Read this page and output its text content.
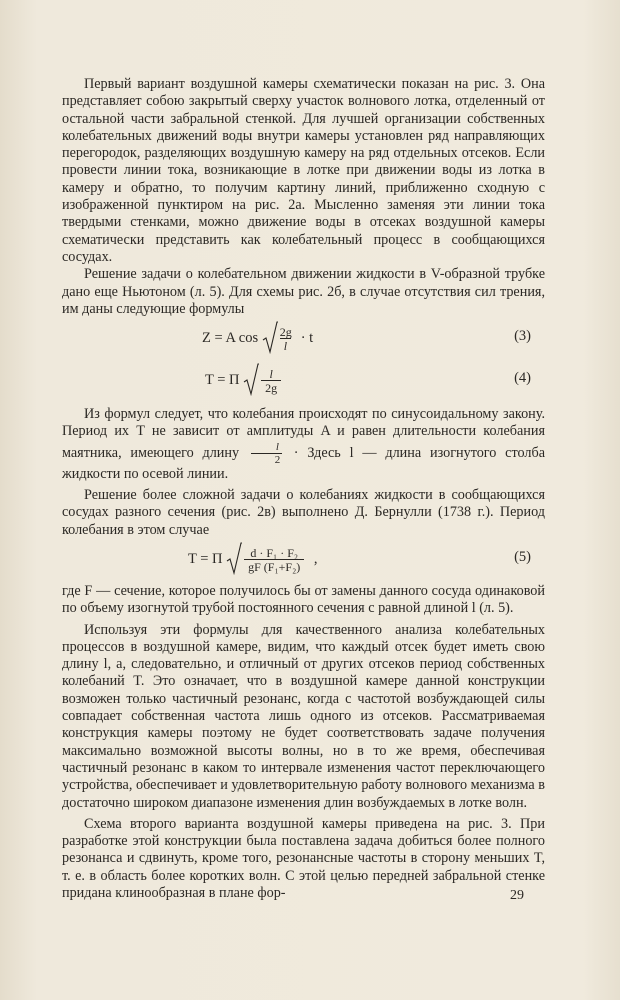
Первый вариант воздушной камеры схематически показан на рис. 3. Она представляет собою закрытый сверху участок волнового лотка, отделенный от остальной части забральной стенкой. Для лучшей организации собственных колебательных движений воды внутри камеры установлен ряд направляющих перегородок, разделяющих воздушную камеру на ряд отдельных отсеков. Если провести линии тока, возникающие в лотке при движении воды из лотка в камеру и обратно, то получим картину линий, приближенно сходную с изображенной пунктиром на рис. 2а. Мысленно заменяя эти линии тока твердыми стенками, можно движение воды в отсеках воздушной камеры схематически представить как колебательный процесс в сообщающихся сосудах.

Решение задачи о колебательном движении жидкости в V-образной трубке дано еще Ньютоном (л. 5). Для схемы рис. 2б, в случае отсутствия сил трения, им даны следующие формулы

Z = A cos 2g
l
· t	(3)
T = П	l
2g
(4)

Из формул следует, что колебания происходят по синусоидальному закону. Период их T не зависит от амплитуды A и равен длительности колебания маятника, имеющего длину $\frac{l}{2}$ · Здесь l — длина изогнутого столба жидкости по осевой линии.

Решение более сложной задачи о колебаниях жидкости в сообщающихся сосудах разного сечения (рис. 2в) выполнено Д. Бернулли (1738 г.). Период колебания в этом случае

T = П	d · F₁ · F₂
gF (F₁+F₂)
,	(5)

где F — сечение, которое получилось бы от замены данного сосуда одинаковой по объему изогнутой трубой постоянного сечения с равной длиной l (л. 5).

Используя эти формулы для качественного анализа колебательных процессов в воздушной камере, видим, что каждый отсек будет иметь свою длину l, а, следовательно, и отличный от других отсеков период собственных колебаний T. Это означает, что в воздушной камере данной конструкции возможен только частичный резонанс, когда с частотой возбуждающей силы совпадает собственная частота лишь одного из отсеков. Рассматриваемая конструкция камеры поэтому не будет соответствовать задаче получения максимально возможной высоты волны, но в то же время, обеспечивая частичный резонанс в каком то интервале изменения частот переключающего устройства, обеспечивает и удовлетворительную работу волнового механизма в достаточно широком диапазоне изменения длин возбуждаемых в лотке волн.

Схема второго варианта воздушной камеры приведена на рис. 3. При разработке этой конструкции была поставлена задача добиться более полного резонанса и сдвинуть, кроме того, резонансные частоты в сторону меньших T, т. е. в область более коротких волн. С этой целью передней забральной стенке придана клинообразная в плане фор-	29
